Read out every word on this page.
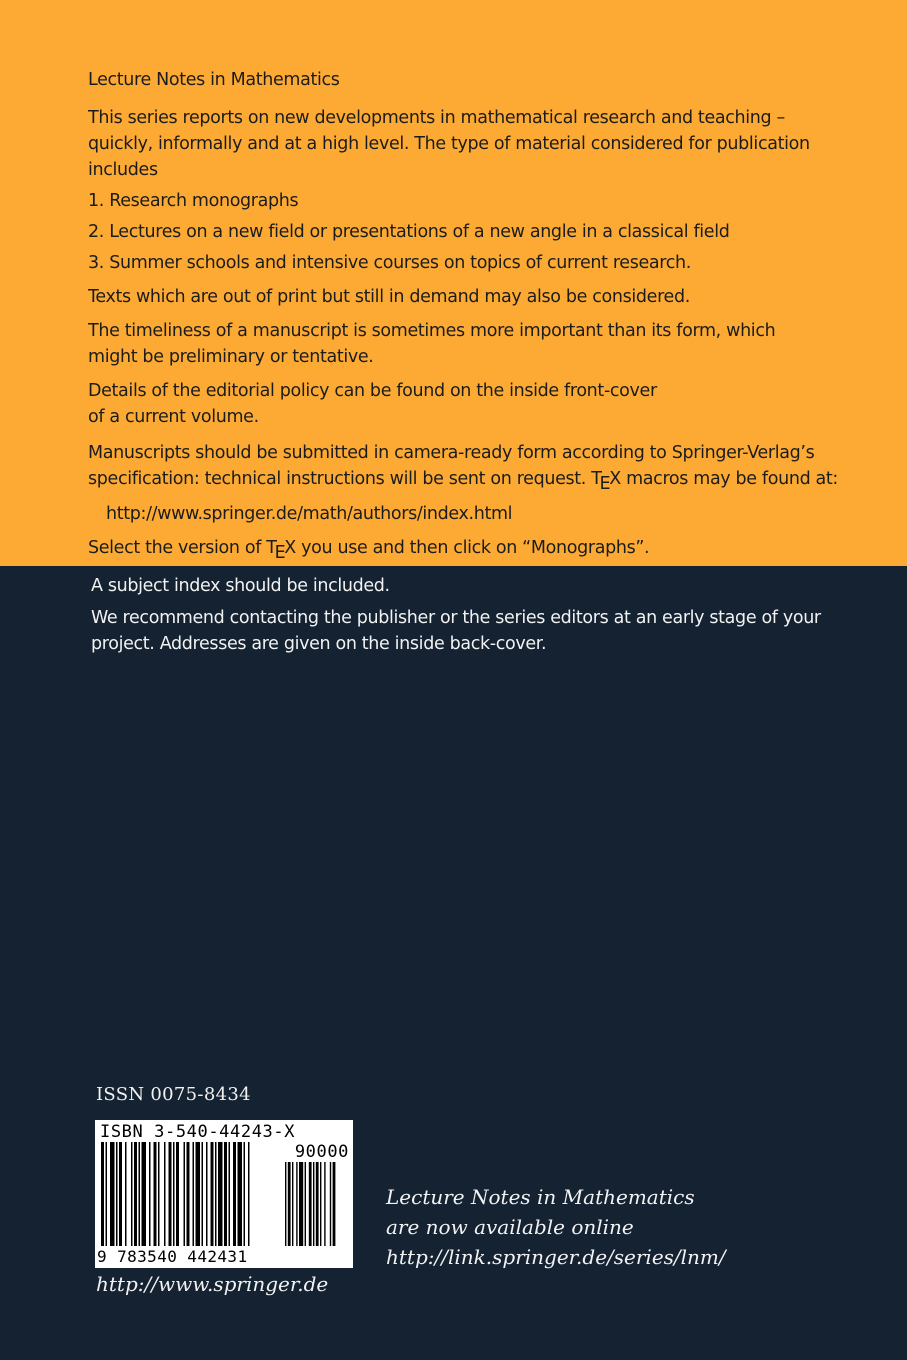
Lecture Notes in Mathematics

This series reports on new developments in mathematical research and teaching –

quickly, informally and at a high level. The type of material considered for publication

includes

1. Research monographs

2. Lectures on a new field or presentations of a new angle in a classical field

3. Summer schools and intensive courses on topics of current research.

Texts which are out of print but still in demand may also be considered.

The timeliness of a manuscript is sometimes more important than its form, which

might be preliminary or tentative.

Details of the editorial policy can be found on the inside front-cover

of a current volume.

Manuscripts should be submitted in camera-ready form according to Springer-Verlag’s

specification: technical instructions will be sent on request. TEX macros may be found at:

http://www.springer.de/math/authors/index.html

Select the version of TEX you use and then click on “Monographs”.

A subject index should be included.

We recommend contacting the publisher or the series editors at an early stage of your

project. Addresses are given on the inside back-cover.

ISSN 0075-8434
ISBN 3-540-44243-X
90000
9 783540 442431
http://www.springer.de
Lecture Notes in Mathematics
are now available online
http://link.springer.de/series/lnm/
